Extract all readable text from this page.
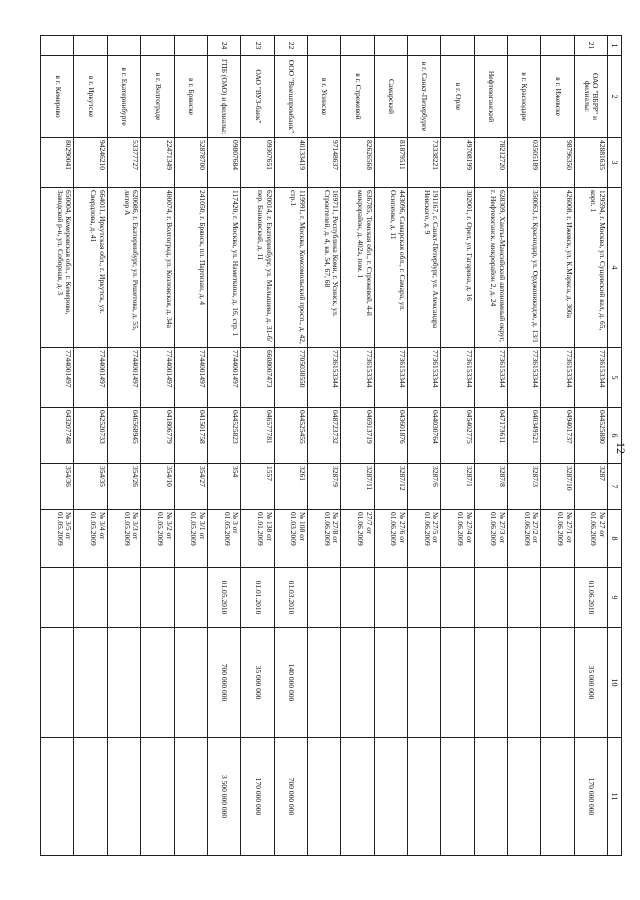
12
1	2	3	4	5	6	7	8	9	10	11
21	ОАО "ВБРР" и филиалы:	42881635	129594, г. Москва, ул. Сущевский вал, д. 65, корп. 1	7736153344	044525880	3287	№ 27 от 01.06.2009	01.06.2010	35 000 000	170 000 000
	в г. Ижевске	98796350	426008, г. Ижевск, ул. К.Маркса, д. 300а	7736153344	049401737	3287/10	№ 27/1 от 01.06.2009			
	в г. Краснодаре	03505189	350063, г. Краснодар, ул. Орджоникидзе, д. 13/1	7736153344	040349521	3287/3	№ 27/2 от 01.06.2009			
	Нефтеюганский	78212720	628309, Ханты-Мансийский автономный округ, г. Нефтеюганск, микрорайон 2, д. 24	7736153344	047173611	3287/8	№ 27/3 от 01.06.2009			
	в г. Орле	49708199	302001, г. Орел, ул. Гагарина, д. 16	7736153344	045402775	3287/1	№ 27/4 от 01.06.2009			
	в г. Санкт-Петербурге	73338221	191167, г. Санкт-Петербург, ул. Александра Невского, д. 9	7736153344	044030764	3287/6	№ 27/5 от 01.06.2009			
	Самарский	81879511	443096, Самарская обл., г. Самара, ул. Осипенко, д. 11	7736153344	043601876	3287/12	№ 27/6 от 01.06.2009			
	в г. Стрежевой	82626568	636785, Томская обл., г. Стрежевой, 4-й микрорайон, д. 402а, пом. 1	7736153344	046913719	3287/11	27/7 от 01.06.2009			
	в г. Усинске	97148637	169711, Республика Коми, г. Усинск, ул. Строителей, д. 4, кв. 54, 67, 68	7736153344	048723732	3287/9	№ 27/8 от 01.06.2009			
22	ООО "Внешпромбанк"	40133419	119991, г. Москва, Комсомольский просп., д. 42, стр.1	7705038550	044525455	3261	№ 108 от 01.03.2009	01.03.2010	140 000 000	700 000 000
23	ОАО "ВУЗ-банк"	09307651	620014, г. Екатеринбург, ул. Малышева, д. 31-б/пер. Банковский, д. 11	6608007473	046577781	1557	№ 138 от 01.01.2009	01.01.2010	35 000 000	170 000 000
24	ГПБ (ОАО) и филиалы:	09807684	117420, г. Москва, ул. Наметкина, д. 16, стр. 1	7744001497	044525823	354	№ 3 от 01.05.2009	01.05.2010	700 000 000	3 500 000 000
	в г. Брянске	52878700	241050, г. Брянск, пл. Партизан, д. 4	7744001497	041501758	354/27	№ 3/1 от 01.05.2009			
	в г. Волгограде	22471349	400074, г. Волгоград, ул. Козловская, д. 34а	7744001497	041806779	354/10	№ 3/2 от 01.05.2009			
	в г. Екатеринбурге	53377727	620086, г. Екатеринбург, ул. Решетова, д. 55, литер А	7744001497	046568945	354/26	№ 3/3 от 01.05.2009			
	в г. Иркутске	94246210	664011, Иркутская обл., г. Иркутск, ул. Свердлова, д. 41	7744001497	042520733	354/35	№ 3/4 от 01.05.2009			
	в г. Кемерово	80290041	650004, Кемеровская обл., г. Кемерово, Заводской р-н, ул. Соборная, д. 3	7744001497	043207748	354/36	№ 3/5 от 01.05.2009			
